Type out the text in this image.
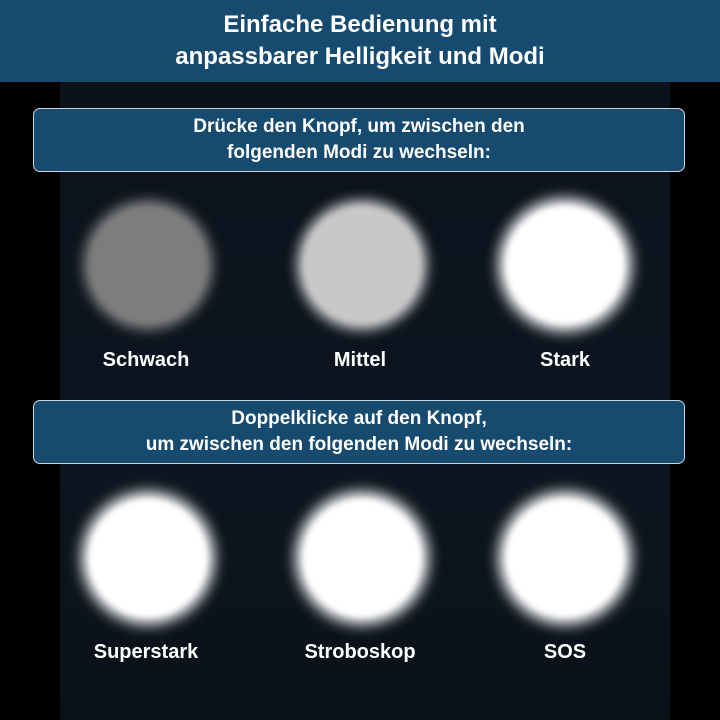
Einfache Bedienung mit
anpassbarer Helligkeit und Modi
Drücke den Knopf, um zwischen den
folgenden Modi zu wechseln:
Schwach	Mittel	Stark
Doppelklicke auf den Knopf,
um zwischen den folgenden Modi zu wechseln:
Superstark	Stroboskop	SOS
